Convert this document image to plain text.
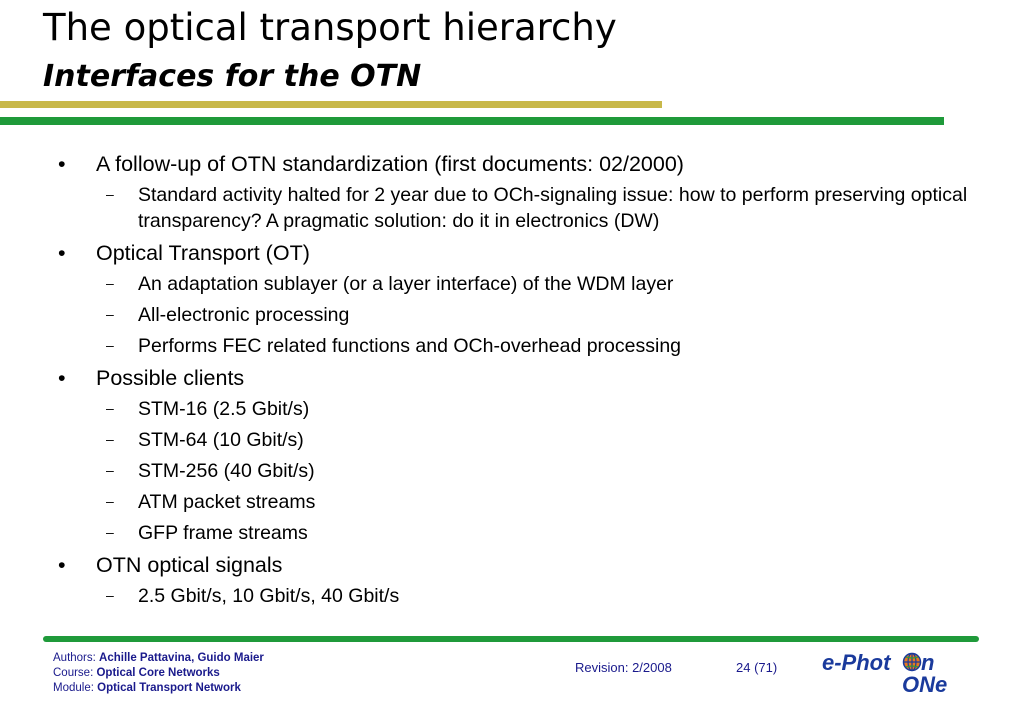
The optical transport hierarchy
Interfaces for the OTN
• A follow-up of OTN standardization (first documents: 02/2000)
– Standard activity halted for 2 year due to OCh-signaling issue: how to perform preserving optical transparency? A pragmatic solution: do it in electronics (DW)
• Optical Transport (OT)
– An adaptation sublayer (or a layer interface) of the WDM layer
– All-electronic processing
– Performs FEC related functions and OCh-overhead processing
• Possible clients
– STM-16 (2.5 Gbit/s)
– STM-64 (10 Gbit/s)
– STM-256 (40 Gbit/s)
– ATM packet streams
– GFP frame streams
• OTN optical signals
– 2.5 Gbit/s, 10 Gbit/s, 40 Gbit/s
Authors: Achille Pattavina, Guido Maier
Course: Optical Core Networks
Module: Optical Transport Network
Revision: 2/2008	24 (71) e-Phot n
ONe
